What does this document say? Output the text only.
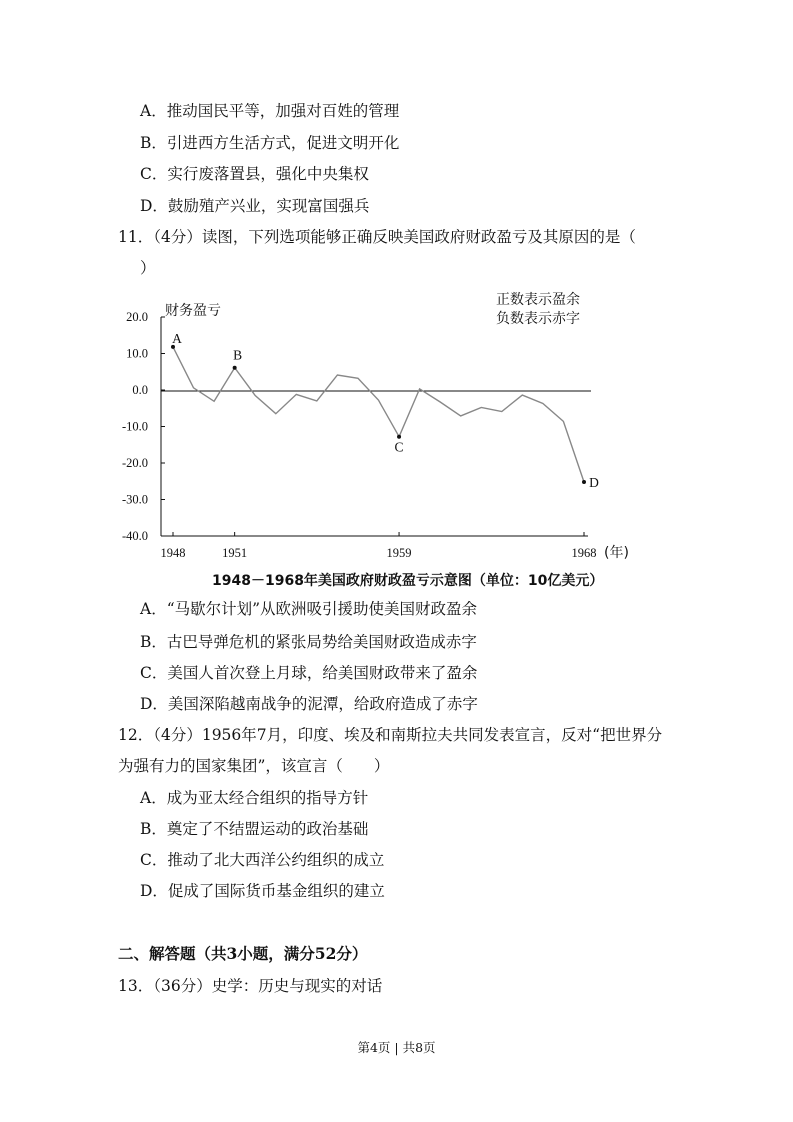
A．推动国民平等，加强对百姓的管理
B．引进西方生活方式，促进文明开化
C．实行废落置县，强化中央集权
D．鼓励殖产兴业，实现富国强兵
11．（4分）读图，下列选项能够正确反映美国政府财政盈亏及其原因的是（
）
财务盈亏
正数表示盈余
负数表示赤字
(年)
20.0
10.0
0.0
-10.0
-20.0
-30.0
-40.0
1948	1951	1959	1968
A
B
C
D
1948－1968年美国政府财政盈亏示意图（单位：10亿美元）
A．“马歇尔计划”从欧洲吸引援助使美国财政盈余
B．古巴导弹危机的紧张局势给美国财政造成赤字
C．美国人首次登上月球，给美国财政带来了盈余
D．美国深陷越南战争的泥潭，给政府造成了赤字
12．（4分）1956年7月，印度、埃及和南斯拉夫共同发表宣言，反对“把世界分
为强有力的国家集团”，该宣言（　　）
A．成为亚太经合组织的指导方针
B．奠定了不结盟运动的政治基础
C．推动了北大西洋公约组织的成立
D．促成了国际货币基金组织的建立
二、解答题（共3小题，满分52分）
13．（36分）史学：历史与现实的对话
第4页 | 共8页
